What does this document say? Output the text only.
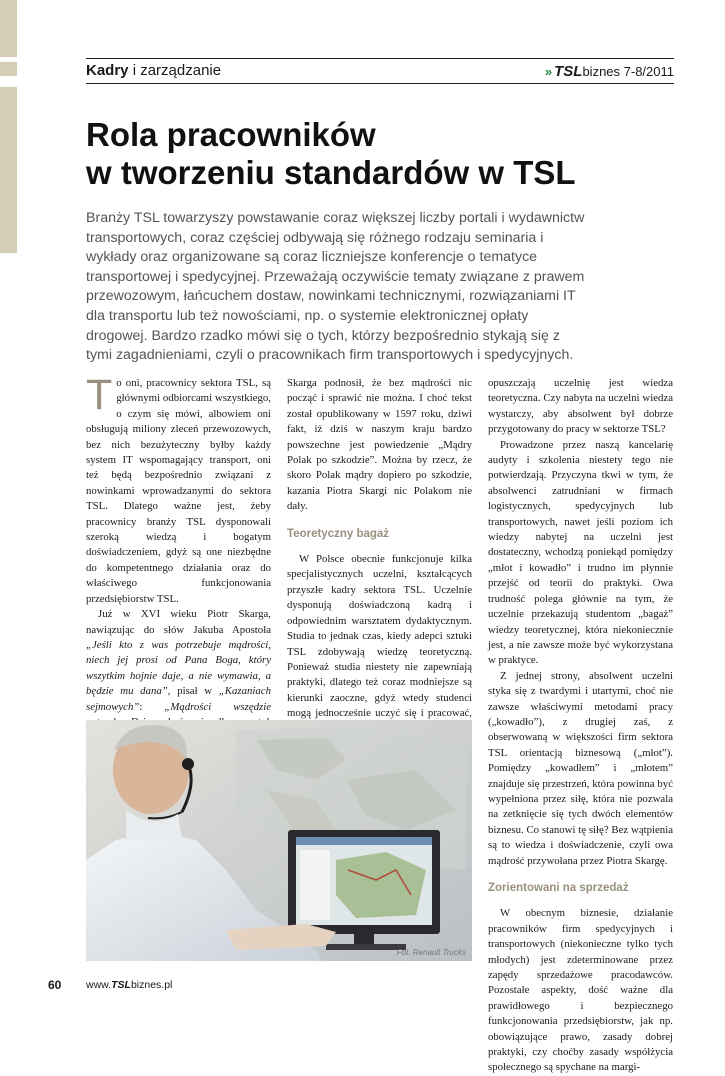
Kadry i zarządzanie	» TSLbiznes 7-8/2011
Rola pracowników
w tworzeniu standardów w TSL

Branży TSL towarzyszy powstawanie coraz większej liczby portali i wydawnictw transportowych, coraz częściej odbywają się różnego rodzaju seminaria i wykłady oraz organizowane są coraz liczniejsze konferencje o tematyce transportowej i spedycyjnej. Przeważają oczywiście tematy związane z prawem przewozowym, łańcuchem dostaw, nowinkami technicznymi, rozwiązaniami IT dla transportu lub też nowościami, np. o systemie elektronicznej opłaty drogowej. Bardzo rzadko mówi się o tych, którzy bezpośrednio stykają się z tymi zagadnieniami, czyli o pracownikach firm transportowych i spedycyjnych.

To oni, pracownicy sektora TSL, są głównymi odbiorcami wszystkiego, o czym się mówi, albowiem oni obsługują miliony zleceń przewozowych, bez nich bezużyteczny byłby każdy system IT wspomagający transport, oni też będą bezpośrednio związani z nowinkami wprowadzanymi do sektora TSL. Dlatego ważne jest, żeby pracownicy branży TSL dysponowali szeroką wiedzą i bogatym doświadczeniem, gdyż są one niezbędne do kompetentnego działania oraz do właściwego funkcjonowania przedsiębiorstw TSL.

Już w XVI wieku Piotr Skarga, nawiązując do słów Jakuba Apostoła „Jeśli kto z was potrzebuje mądrości, niech jej prosi od Pana Boga, który wszytkim hojnie daje, a nie wymawia, a będzie mu dana”, pisał w „Kazaniach sejmowych”: „Mądrości wszędzie

Skarga podnosił, że bez mądrości nic począć i sprawić nie można. I choć tekst został opublikowany w 1597 roku, dziwi fakt, iż dziś w naszym kraju bardzo powszechne jest powiedzenie „Mądry Polak po szkodzie”. Można by rzecz, że skoro Polak mądry dopiero po szkodzie, kazania Piotra Skargi nic Polakom nie dały.

Teoretyczny bagaż

W Polsce obecnie funkcjonuje kilka specjalistycznych uczelni, kształcących przyszłe kadry sektora TSL. Uczelnie dysponują doświadczoną kadrą i odpowiednim warsztatem dydaktycznym. Studia to jednak czas, kiedy adepci sztuki TSL zdobywają wiedzę teoretyczną. Ponieważ studia niestety nie zapewniają praktyki, dlatego też coraz modniejsze są kierunki zaoczne, gdyż wtedy studenci mogą jednocześnie uczyć się i pracować,

opuszczają uczelnię jest wiedza teoretyczna. Czy nabyta na uczelni wiedza wystarczy, aby absolwent był dobrze przygotowany do pracy w sektorze TSL?

Prowadzone przez naszą kancelarię audyty i szkolenia niestety tego nie potwierdzają. Przyczyna tkwi w tym, że absolwenci zatrudniani w firmach logistycznych, spedycyjnych lub transportowych, nawet jeśli poziom ich wiedzy nabytej na uczelni jest dostateczny, wchodzą poniekąd pomiędzy „młot i kowadło” i trudno im płynnie przejść od teorii do praktyki. Owa trudność polega głównie na tym, że uczelnie przekazują studentom „bagaż” wiedzy teoretycznej, która niekoniecznie jest, a nie zawsze może być wykorzystana w praktyce.

Z jednej strony, absolwent uczelni styka się z twardymi i utartymi, choć nie zawsze właściwymi metodami pracy („kowadło”), z drugiej zaś, z obserwowaną w większości firm sektora TSL orientacją biznesową („młot”). Pomiędzy „kowadłem” i „młotem” znajduje się przestrzeń, która powinna być wypełniona przez siłę, która nie pozwala na zetknięcie się tych dwóch elementów biznesu. Co stanowi tę siłę? Bez wątpienia są to wiedza i doświadczenie, czyli owa mądrość przywołana przez Piotra Skargę.

Zorientowani na sprzedaż

W obecnym biznesie, działanie pracowników firm spedycyjnych i transportowych (niekonieczne tylko tych młodych) jest zdeterminowane przez zapędy sprzedażowe pracodawców. Pozostałe aspekty, dość ważne dla prawidłowego i bezpiecznego funkcjonowania przedsiębiorstw, jak np. obowiązujące prawo, zasady dobrej praktyki, czy choćby zasady współżycia społecznego są spychane na margi-

Fot. Renault Trucks
60 www.TSLbiznes.pl
